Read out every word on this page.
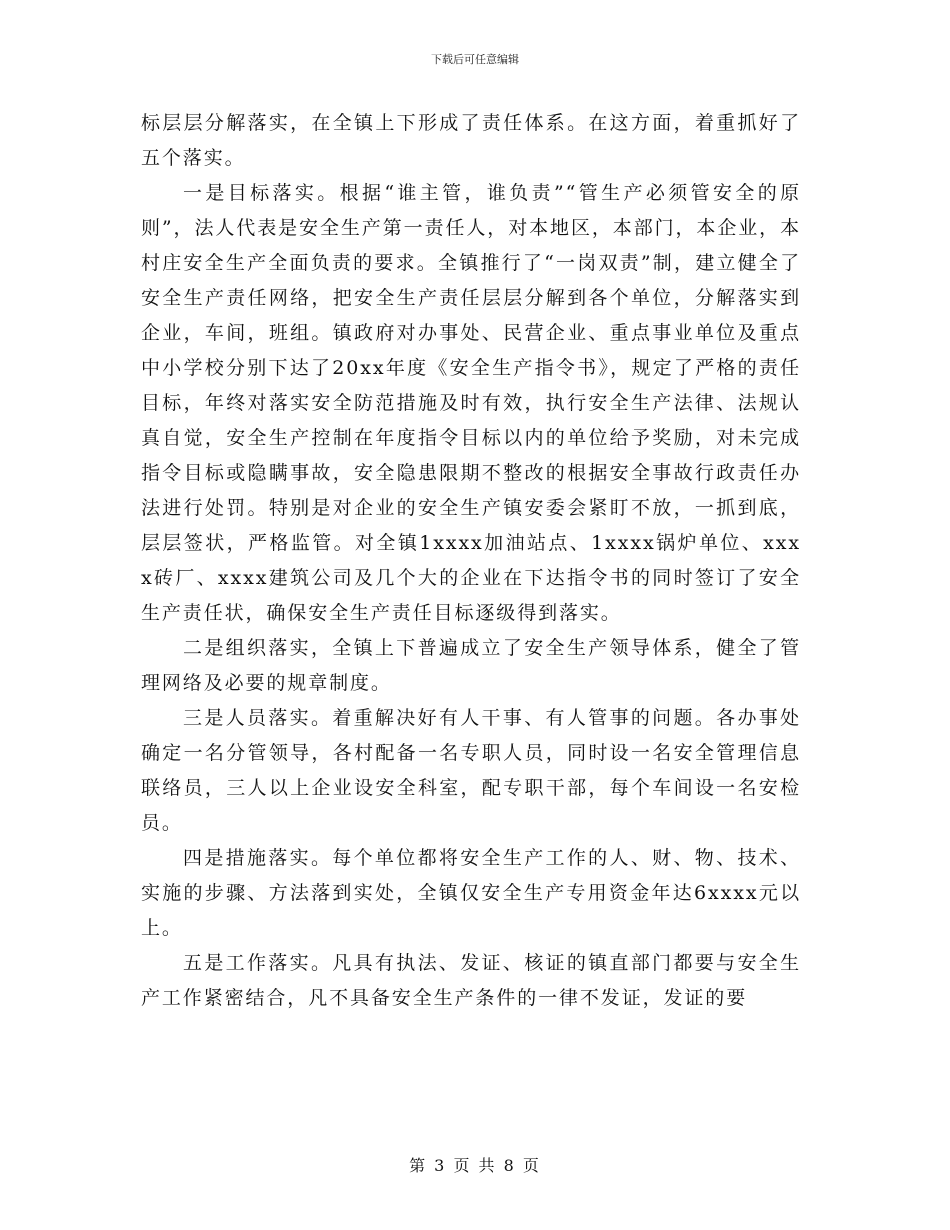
下载后可任意编辑

标层层分解落实，在全镇上下形成了责任体系。在这方面，着重抓好了五个落实。

一是目标落实。根据“谁主管，谁负责”“管生产必须管安全的原则”，法人代表是安全生产第一责任人，对本地区，本部门，本企业，本村庄安全生产全面负责的要求。全镇推行了“一岗双责”制，建立健全了安全生产责任网络，把安全生产责任层层分解到各个单位，分解落实到企业，车间，班组。镇政府对办事处、民营企业、重点事业单位及重点中小学校分别下达了20xx年度《安全生产指令书》，规定了严格的责任目标，年终对落实安全防范措施及时有效，执行安全生产法律、法规认真自觉，安全生产控制在年度指令目标以内的单位给予奖励，对未完成指令目标或隐瞒事故，安全隐患限期不整改的根据安全事故行政责任办法进行处罚。特别是对企业的安全生产镇安委会紧盯不放，一抓到底，层层签状，严格监管。对全镇1xxxx加油站点、1xxxx锅炉单位、xxxx砖厂、xxxx建筑公司及几个大的企业在下达指令书的同时签订了安全生产责任状，确保安全生产责任目标逐级得到落实。

二是组织落实，全镇上下普遍成立了安全生产领导体系，健全了管理网络及必要的规章制度。

三是人员落实。着重解决好有人干事、有人管事的问题。各办事处确定一名分管领导，各村配备一名专职人员，同时设一名安全管理信息联络员，三人以上企业设安全科室，配专职干部，每个车间设一名安检员。

四是措施落实。每个单位都将安全生产工作的人、财、物、技术、实施的步骤、方法落到实处，全镇仅安全生产专用资金年达6xxxx元以上。

五是工作落实。凡具有执法、发证、核证的镇直部门都要与安全生产工作紧密结合，凡不具备安全生产条件的一律不发证，发证的要

第 3 页 共 8 页
